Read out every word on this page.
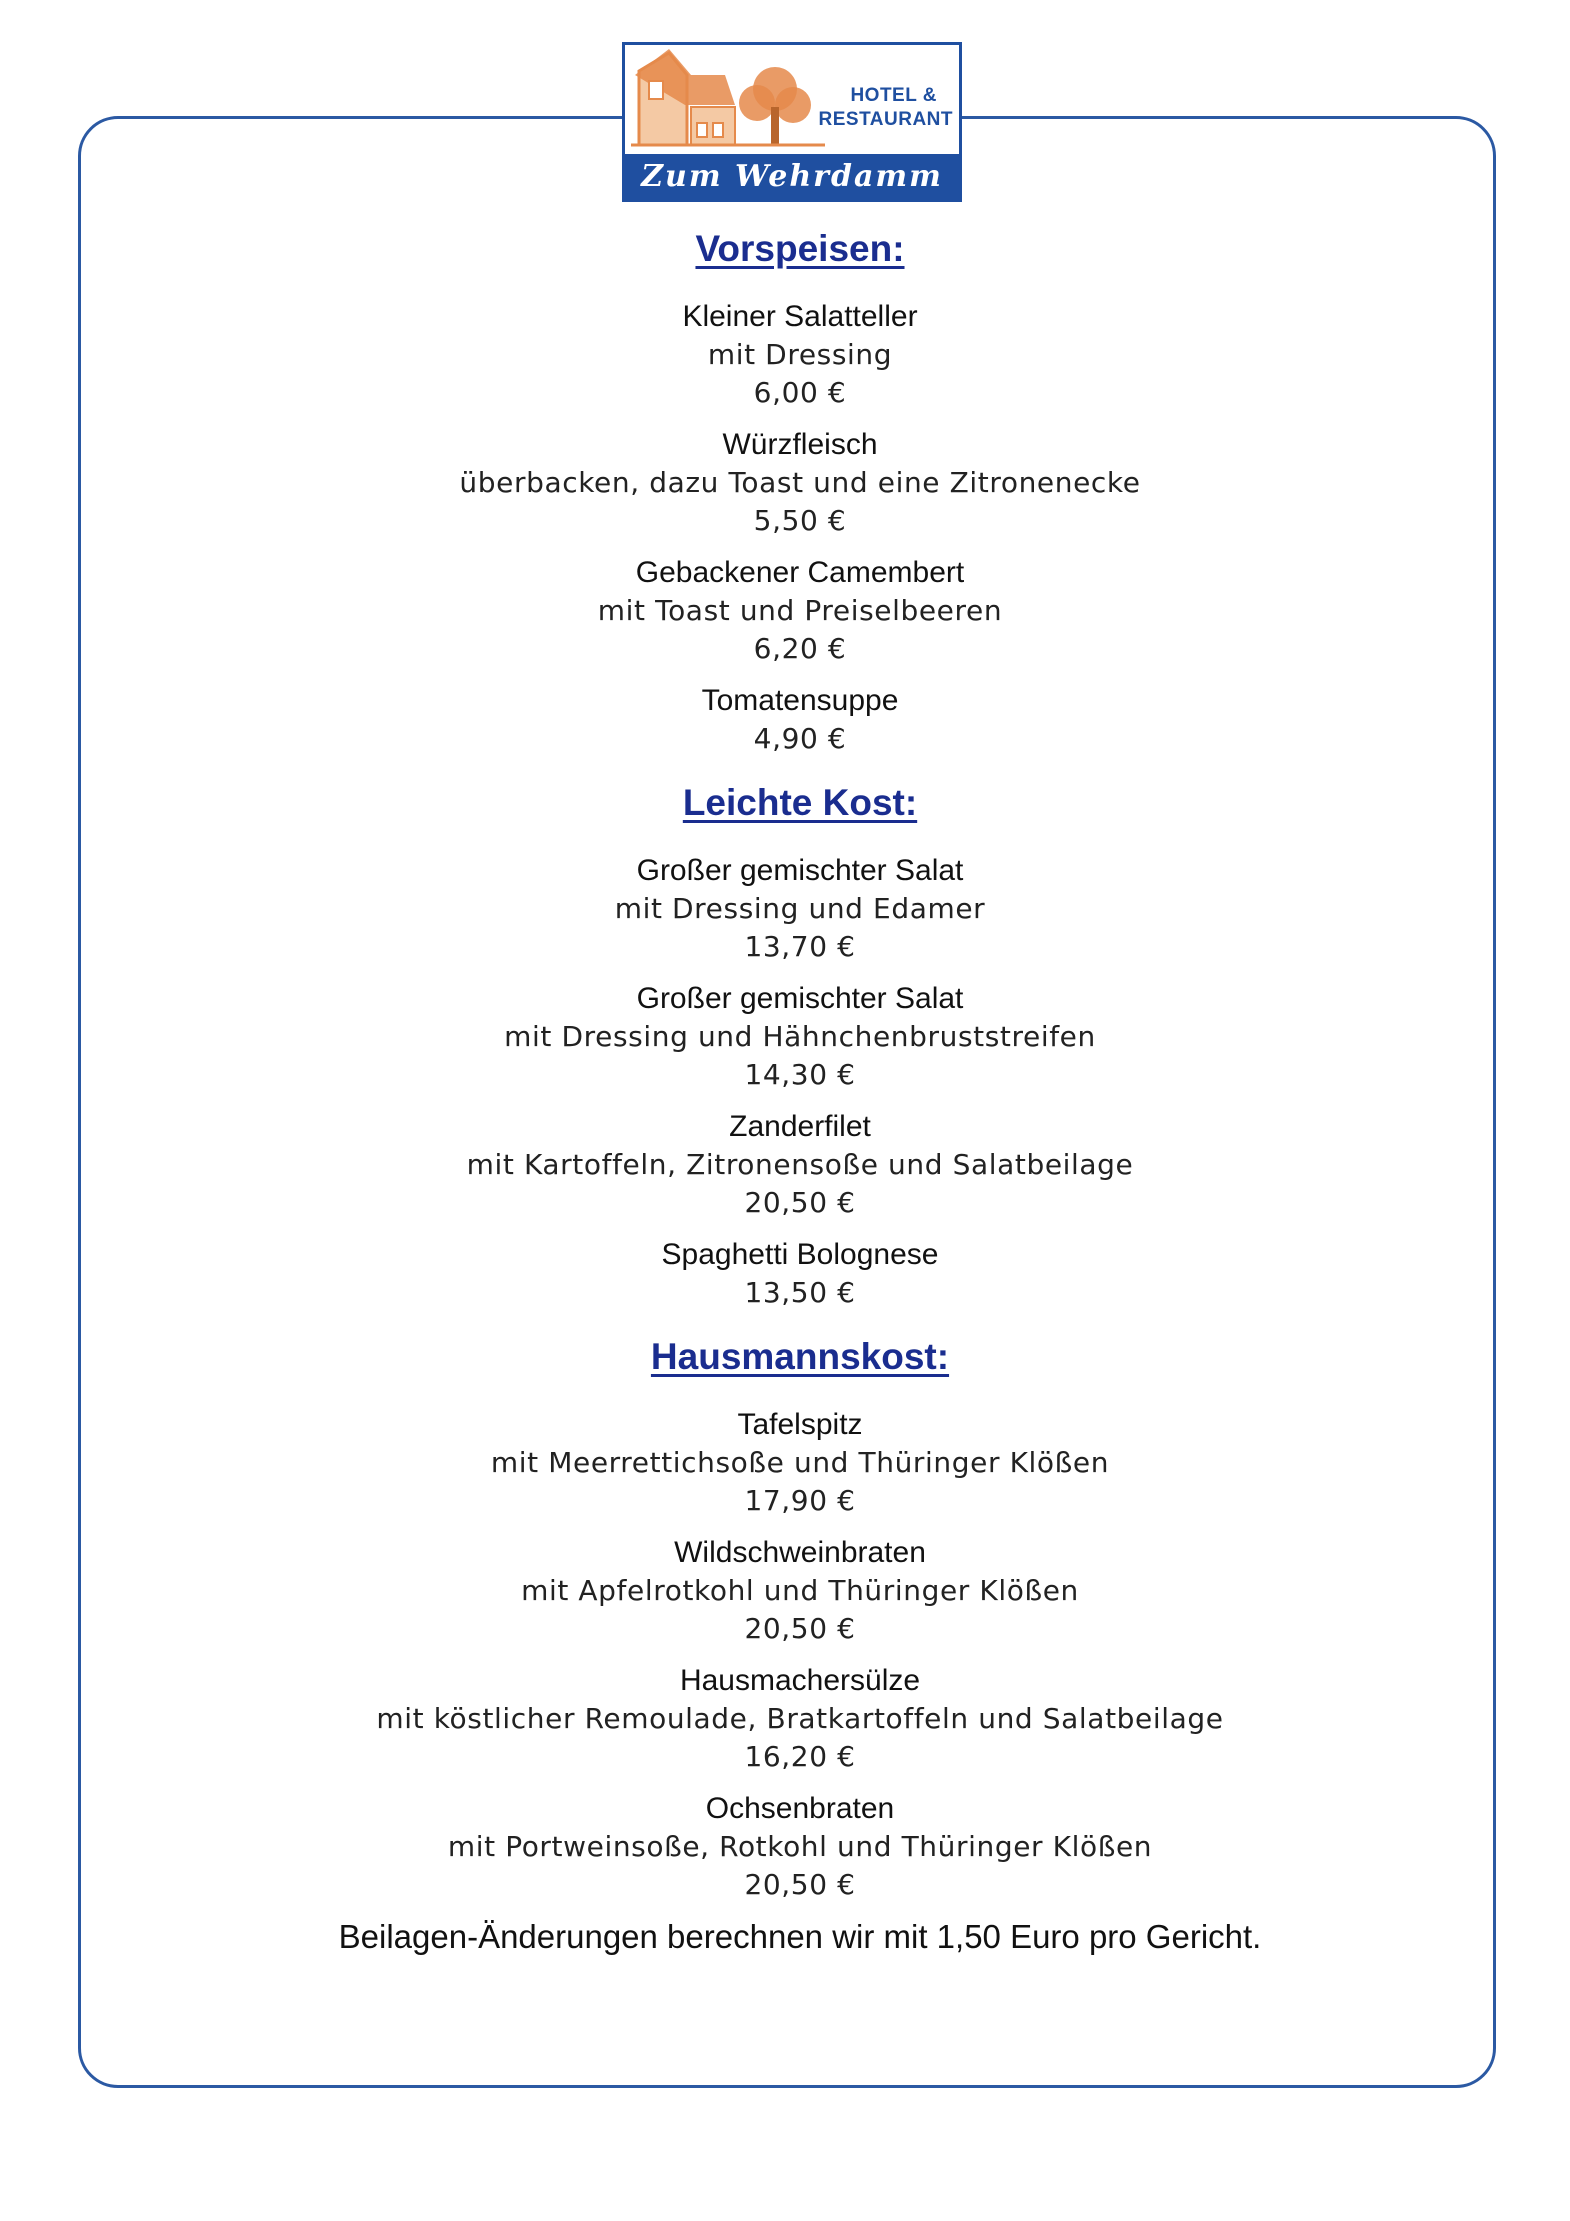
HOTEL &
RESTAURANT
Zum Wehrdamm
Vorspeisen:
Kleiner Salatteller
mit Dressing
6,00 €
Würzfleisch
überbacken, dazu Toast und eine Zitronenecke
5,50 €
Gebackener Camembert
mit Toast und Preiselbeeren
6,20 €
Tomatensuppe
4,90 €
Leichte Kost:
Großer gemischter Salat
mit Dressing und Edamer
13,70 €
Großer gemischter Salat
mit Dressing und Hähnchenbruststreifen
14,30 €
Zanderfilet
mit Kartoffeln, Zitronensoße und Salatbeilage
20,50 €
Spaghetti Bolognese
13,50 €
Hausmannskost:
Tafelspitz
mit Meerrettichsoße und Thüringer Klößen
17,90 €
Wildschweinbraten
mit Apfelrotkohl und Thüringer Klößen
20,50 €
Hausmachersülze
mit köstlicher Remoulade, Bratkartoffeln und Salatbeilage
16,20 €
Ochsenbraten
mit Portweinsoße, Rotkohl und Thüringer Klößen
20,50 €
Beilagen-Änderungen berechnen wir mit 1,50 Euro pro Gericht.
